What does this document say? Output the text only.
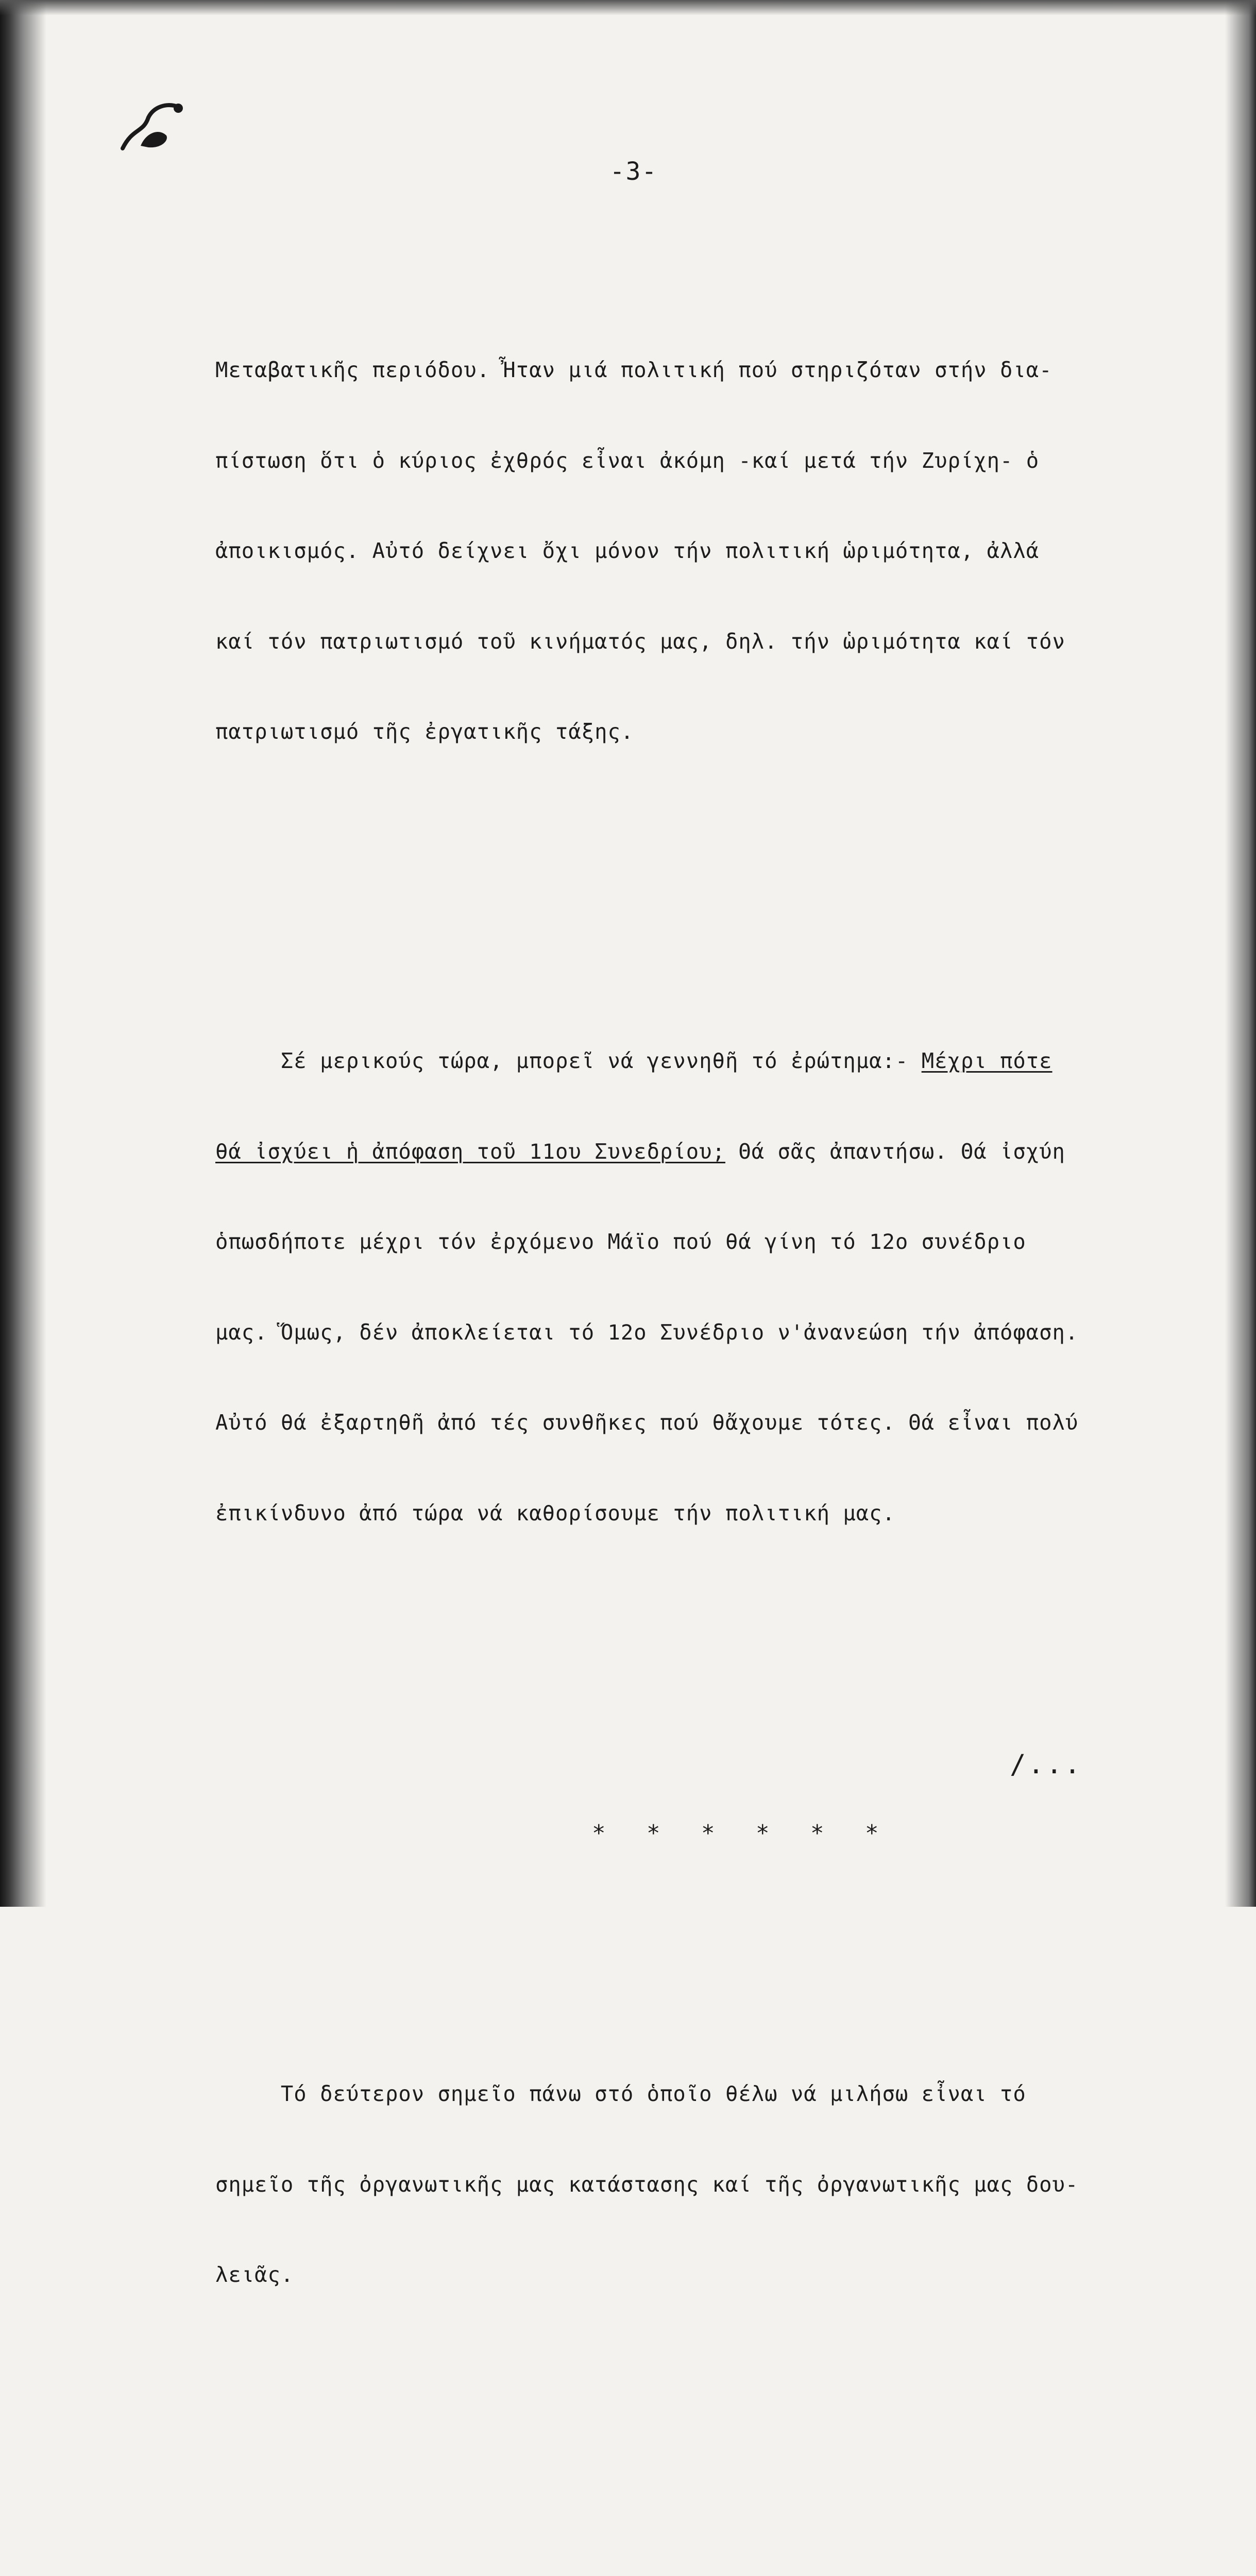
-3-

Μεταβατικῆς περιόδου. Ἦταν μιά πολιτική πού στηριζόταν στήν δια-

πίστωση ὅτι ὁ κύριος ἐχθρός εἶναι ἀκόμη -καί μετά τήν Ζυρίχη- ὁ

ἀποικισμός. Αὐτό δείχνει ὄχι μόνον τήν πολιτική ὡριμότητα, ἀλλά

καί τόν πατριωτισμό τοῦ κινήματός μας, δηλ. τήν ὡριμότητα καί τόν

πατριωτισμό τῆς ἐργατικῆς τάξης.

Σέ μερικούς τώρα, μπορεῖ νά γεννηθῆ τό ἐρώτημα:- Μέχρι πότε

θά ἰσχύει ἡ ἀπόφαση τοῦ 11ου Συνεδρίου; Θά σᾶς ἀπαντήσω. Θά ἰσχύη

ὁπωσδήποτε μέχρι τόν ἐρχόμενο Μάϊο πού θά γίνη τό 12ο συνέδριο

μας. Ὅμως, δέν ἀποκλείεται τό 12ο Συνέδριο ν'ἀνανεώση τήν ἀπόφαση.

Αὐτό θά ἐξαρτηθῆ ἀπό τές συνθῆκες πού θἄχουμε τότες. Θά εἶναι πολύ

ἐπικίνδυνο ἀπό τώρα νά καθορίσουμε τήν πολιτική μας.

* * * * * *

Τό δεύτερον σημεῖο πάνω στό ὁποῖο θέλω νά μιλήσω εἶναι τό

σημεῖο τῆς ὀργανωτικῆς μας κατάστασης καί τῆς ὀργανωτικῆς μας δου-

λειᾶς.

/...
